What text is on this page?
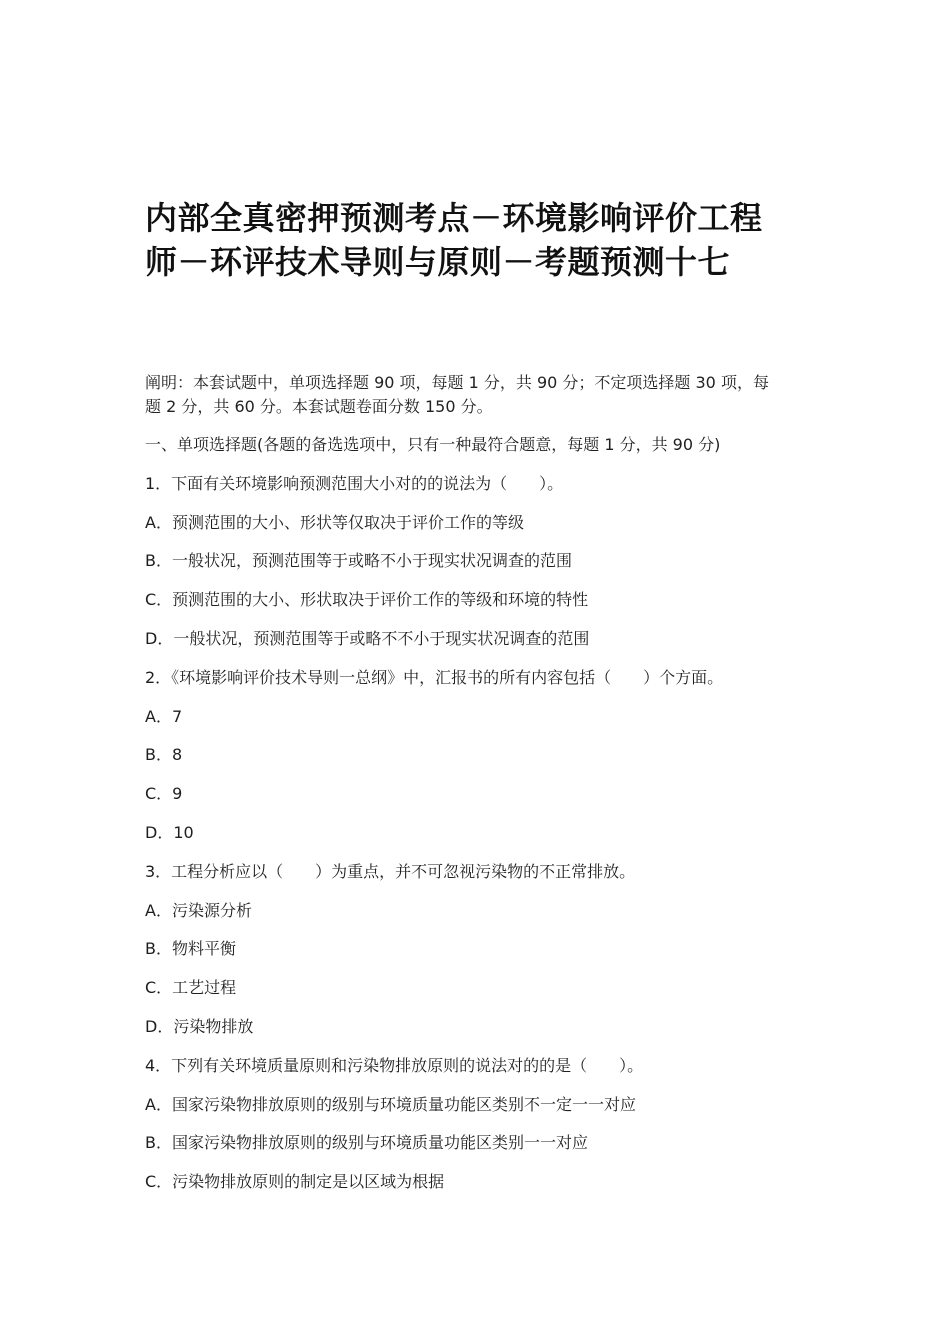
内部全真密押预测考点－环境影响评价工程
师－环评技术导则与原则－考题预测十七
阐明：本套试题中，单项选择题 90 项，每题 1 分，共 90 分；不定项选择题 30 项，每
题 2 分，共 60 分。本套试题卷面分数 150 分。
一、单项选择题(各题的备选选项中，只有一种最符合题意，每题 1 分，共 90 分)
1．下面有关环境影响预测范围大小对的的说法为（　　）。
A．预测范围的大小、形状等仅取决于评价工作的等级
B．一般状况，预测范围等于或略不小于现实状况调查的范围
C．预测范围的大小、形状取决于评价工作的等级和环境的特性
D．一般状况，预测范围等于或略不不小于现实状况调查的范围
2．《环境影响评价技术导则一总纲》中，汇报书的所有内容包括（　　）个方面。
A．7
B．8
C．9
D．10
3．工程分析应以（　　）为重点，并不可忽视污染物的不正常排放。
A．污染源分析
B．物料平衡
C．工艺过程
D．污染物排放
4．下列有关环境质量原则和污染物排放原则的说法对的的是（　　）。
A．国家污染物排放原则的级别与环境质量功能区类别不一定一一对应
B．国家污染物排放原则的级别与环境质量功能区类别一一对应
C．污染物排放原则的制定是以区域为根据
